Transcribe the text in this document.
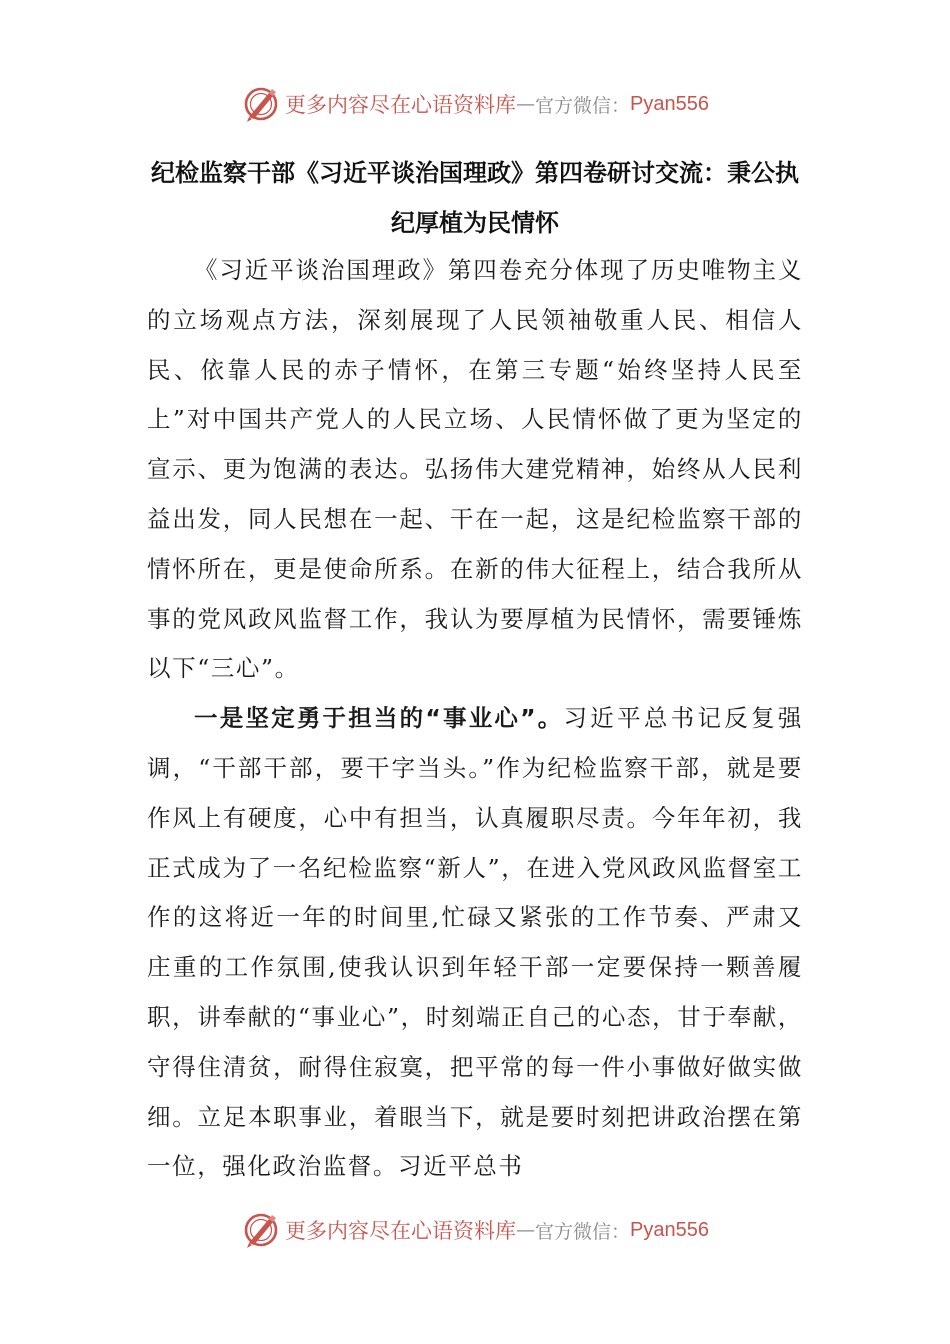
更多内容尽在心语资料库 — 官方微信： Pyan556
纪检监察干部《习近平谈治国理政》第四卷研讨交流：秉公执纪厚植为民情怀

《习近平谈治国理政》第四卷充分体现了历史唯物主义的立场观点方法，深刻展现了人民领袖敬重人民、相信人民、依靠人民的赤子情怀，在第三专题“始终坚持人民至上”对中国共产党人的人民立场、人民情怀做了更为坚定的宣示、更为饱满的表达。弘扬伟大建党精神，始终从人民利益出发，同人民想在一起、干在一起，这是纪检监察干部的情怀所在，更是使命所系。在新的伟大征程上，结合我所从事的党风政风监督工作，我认为要厚植为民情怀，需要锤炼以下“三心”。

一是坚定勇于担当的“事业心”。习近平总书记反复强调，“干部干部，要干字当头。”作为纪检监察干部，就是要作风上有硬度，心中有担当，认真履职尽责。今年年初，我正式成为了一名纪检监察“新人”，在进入党风政风监督室工作的这将近一年的时间里,忙碌又紧张的工作节奏、严肃又庄重的工作氛围,使我认识到年轻干部一定要保持一颗善履职，讲奉献的“事业心”，时刻端正自己的心态，甘于奉献，守得住清贫，耐得住寂寞，把平常的每一件小事做好做实做细。立足本职事业，着眼当下，就是要时刻把讲政治摆在第一位，强化政治监督。习近平总书

更多内容尽在心语资料库 — 官方微信： Pyan556
